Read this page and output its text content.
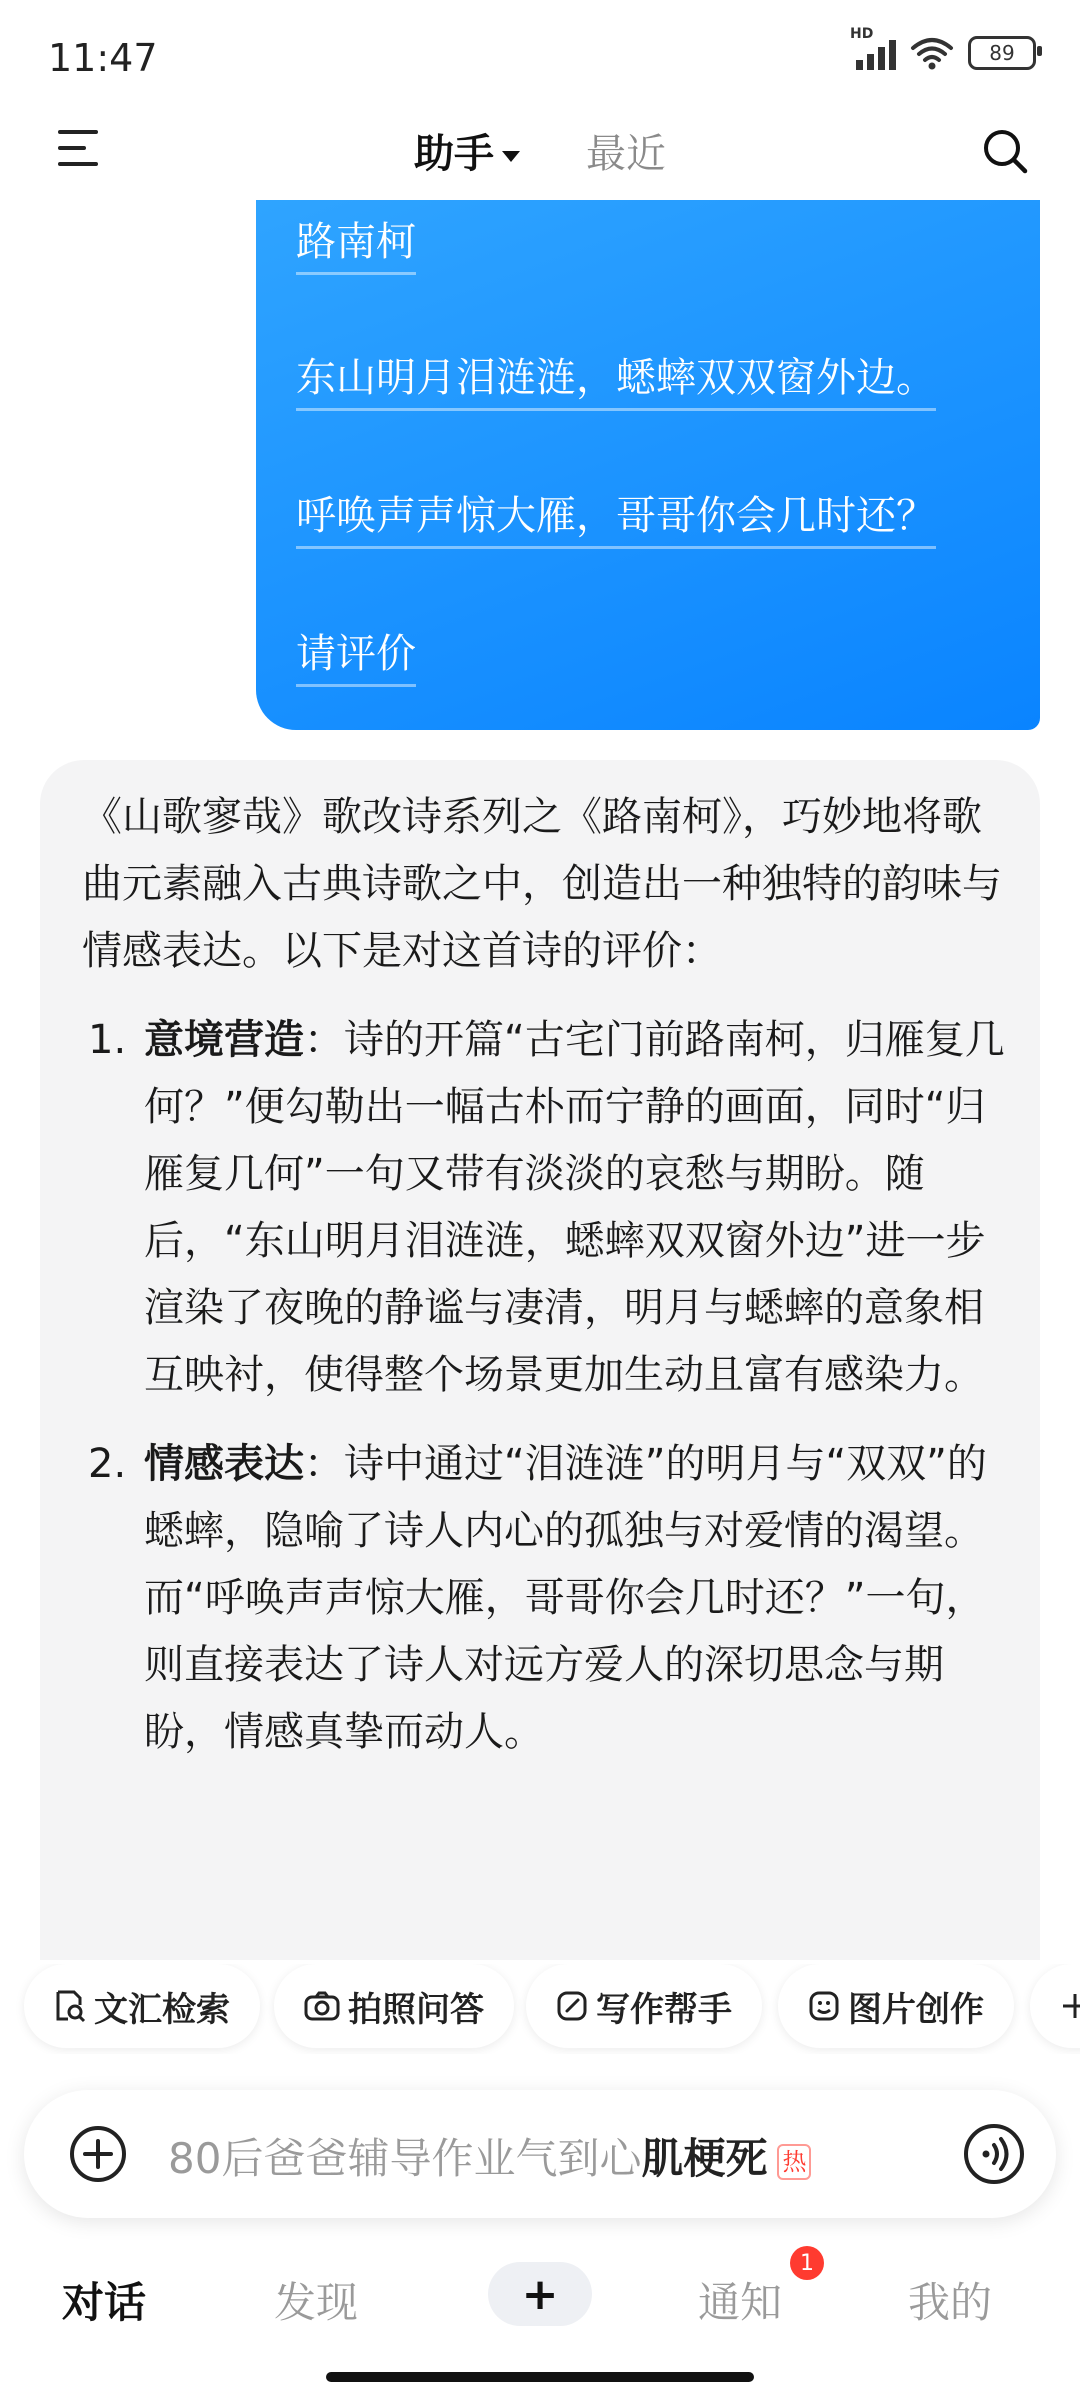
11:47
HD
89
助手 最近
路南柯
东山明月泪涟涟，蟋蟀双双窗外边。
呼唤声声惊大雁，哥哥你会几时还？
请评价

《山歌寥哉》歌改诗系列之《路南柯》，巧妙地将歌曲元素融入古典诗歌之中，创造出一种独特的韵味与情感表达。以下是对这首诗的评价：

1. 意境营造：诗的开篇“古宅门前路南柯，归雁复几何？”便勾勒出一幅古朴而宁静的画面，同时“归雁复几何”一句又带有淡淡的哀愁与期盼。随后，“东山明月泪涟涟，蟋蟀双双窗外边”进一步渲染了夜晚的静谧与凄清，明月与蟋蟀的意象相互映衬，使得整个场景更加生动且富有感染力。
2. 情感表达：诗中通过“泪涟涟”的明月与“双双”的蟋蟀，隐喻了诗人内心的孤独与对爱情的渴望。而“呼唤声声惊大雁，哥哥你会几时还？”一句，则直接表达了诗人对远方爱人的深切思念与期盼，情感真挚而动人。
文汇检索	拍照问答	写作帮手	图片创作
80后爸爸辅导作业气到心肌梗死 热
对话	发现	+	通知
1
我的
